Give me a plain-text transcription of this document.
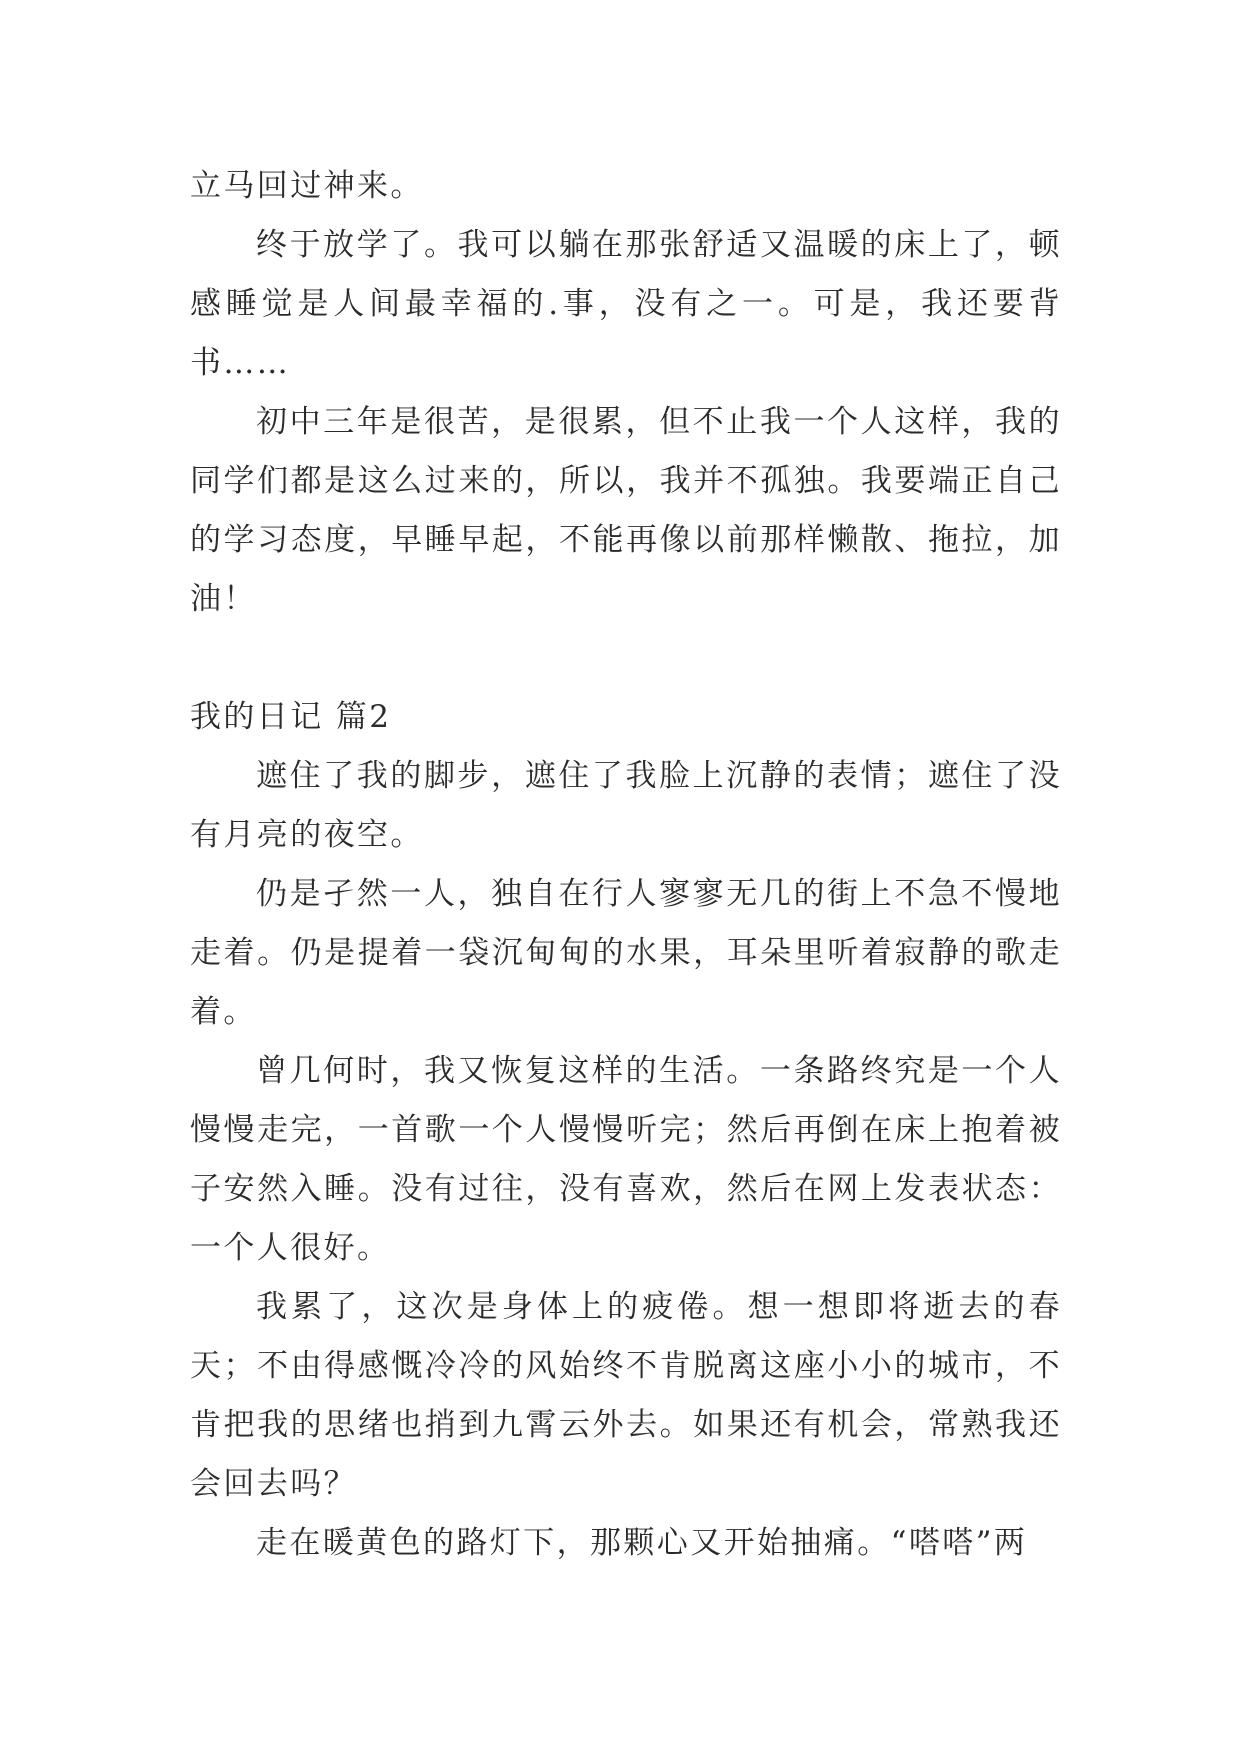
立马回过神来。

终于放学了。我可以躺在那张舒适又温暖的床上了，顿感睡觉是人间最幸福的.事，没有之一。可是，我还要背书……

初中三年是很苦，是很累，但不止我一个人这样，我的同学们都是这么过来的，所以，我并不孤独。我要端正自己的学习态度，早睡早起，不能再像以前那样懒散、拖拉，加油！

我的日记 篇2

遮住了我的脚步，遮住了我脸上沉静的表情；遮住了没有月亮的夜空。

仍是孑然一人，独自在行人寥寥无几的街上不急不慢地走着。仍是提着一袋沉甸甸的水果，耳朵里听着寂静的歌走着。

曾几何时，我又恢复这样的生活。一条路终究是一个人慢慢走完，一首歌一个人慢慢听完；然后再倒在床上抱着被子安然入睡。没有过往，没有喜欢，然后在网上发表状态：一个人很好。

我累了，这次是身体上的疲倦。想一想即将逝去的春天；不由得感慨冷冷的风始终不肯脱离这座小小的城市，不肯把我的思绪也捎到九霄云外去。如果还有机会，常熟我还会回去吗？

走在暖黄色的路灯下，那颗心又开始抽痛。“嗒嗒”两
